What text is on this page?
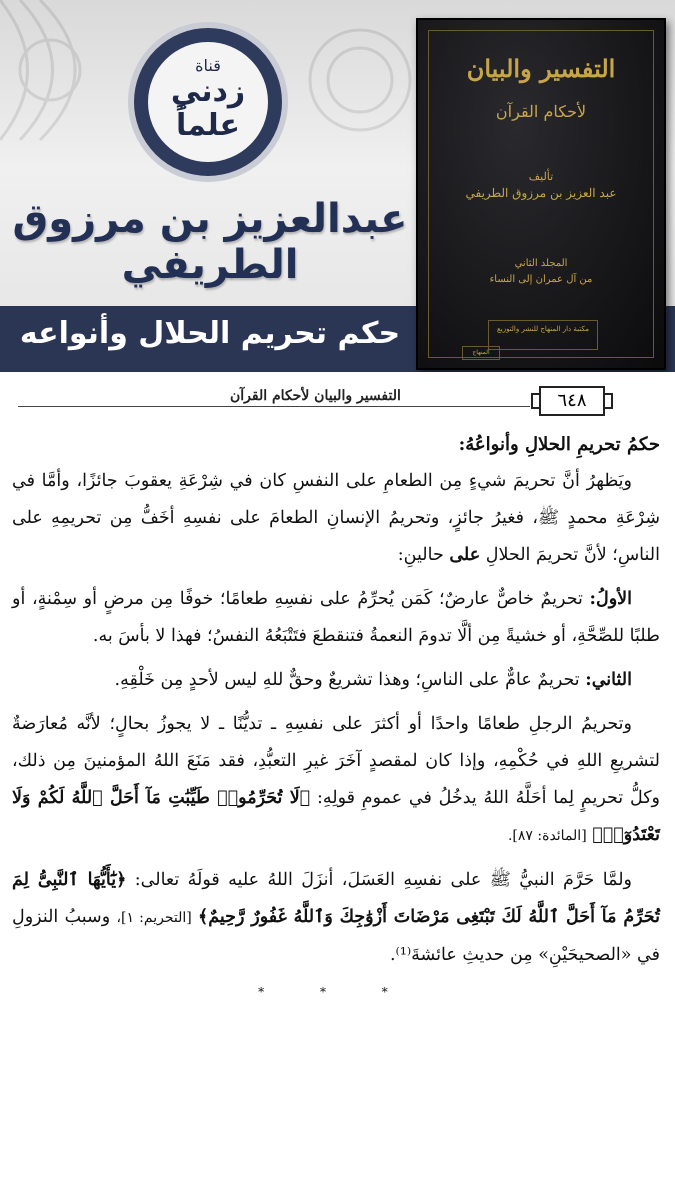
قناة
زدني
علماً
عبدالعزيز بن مرزوق الطريفي
حكم تحريم الحلال وأنواعه
التفسير والبيان
لأحكام القرآن
تأليف
عبد العزيز بن مرزوق الطريفي
المجلد الثاني
من آل عمران إلى النساء
مكتبة دار المنهاج للنشر والتوزيع
المنهاج
٦٤٨
التفسير والبيان لأحكام القرآن

حكمُ تحريمِ الحلالِ وأنواعُهُ:

ويَظهرُ أنَّ تحريمَ شيءٍ مِن الطعامِ على النفسِ كان في شِرْعَةِ يعقوبَ جائزًا، وأمَّا في شِرْعَةِ محمدٍ ﷺ، فغيرُ جائزٍ، وتحريمُ الإنسانِ الطعامَ على نفسِهِ أخَفُّ مِن تحريمِهِ على الناسِ؛ لأنَّ تحريمَ الحلالِ على حالينِ:

الأولُ: تحريمٌ خاصٌّ عارضٌ؛ كَمَن يُحرِّمُ على نفسِهِ طعامًا؛ خوفًا مِن مرضٍ أو سِمْنةٍ، أو طلبًا للصِّحَّةِ، أو خشيةً مِن ألَّا تدومَ النعمةُ فتنقطعَ فتَتْبَعُهُ النفسُ؛ فهذا لا بأسَ به.

الثاني: تحريمٌ عامٌّ على الناسِ؛ وهذا تشريعٌ وحقٌّ للهِ ليس لأحدٍ مِن خَلْقِهِ.

وتحريمُ الرجلِ طعامًا واحدًا أو أكثرَ على نفسِهِ ـ تديُّنًا ـ لا يجوزُ بحالٍ؛ لأنَّه مُعارَضةٌ لتشريعِ اللهِ في حُكْمِهِ، وإذا كان لمقصدٍ آخَرَ غيرِ التعبُّدِ، فقد مَنَعَ اللهُ المؤمنينَ مِن ذلك، وكلُّ تحريمٍ لِما أحَلَّهُ اللهُ يدخُلُ في عمومِ قولِهِ: ﴿لَا تُحَرِّمُوا۟ طَيِّبَٰتِ مَآ أَحَلَّ ٱللَّهُ لَكُمْ وَلَا تَعْتَدُوٓا۟﴾ [المائدة: ٨٧].

ولمَّا حَرَّمَ النبيُّ ﷺ على نفسِهِ العَسَلَ، أنزَلَ اللهُ عليه قولَهُ تعالى: ﴿يَٰٓأَيُّهَا ٱلنَّبِىُّ لِمَ تُحَرِّمُ مَآ أَحَلَّ ٱللَّهُ لَكَ تَبْتَغِى مَرْضَاتَ أَزْوَٰجِكَ وَٱللَّهُ غَفُورٌ رَّحِيمٌ﴾ [التحريم: ١]، وسببُ النزولِ في «الصحيحَيْنِ» مِن حديثِ عائشةَ⁽¹⁾.

* * *
